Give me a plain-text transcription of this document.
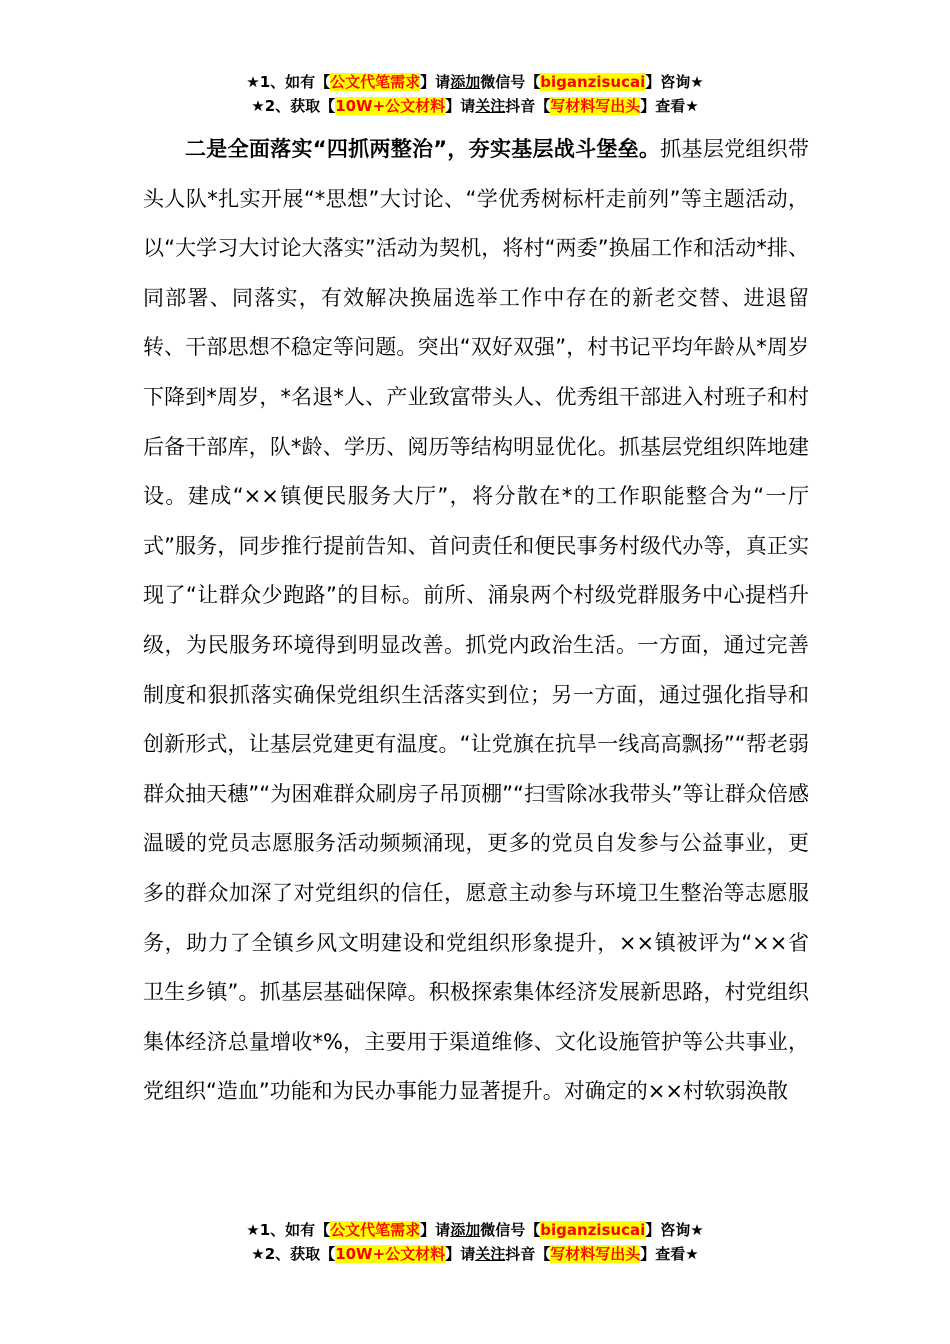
★1、如有【公文代笔需求】请添加微信号【biganzisucai】咨询★
★2、获取【10W+公文材料】请关注抖音【写材料写出头】查看★

二是全面落实“四抓两整治”，夯实基层战斗堡垒。抓基层党组织带头人队*扎实开展“*思想”大讨论、“学优秀树标杆走前列”等主题活动，以“大学习大讨论大落实”活动为契机，将村“两委”换届工作和活动*排、同部署、同落实，有效解决换届选举工作中存在的新老交替、进退留转、干部思想不稳定等问题。突出“双好双强”，村书记平均年龄从*周岁下降到*周岁，*名退*人、产业致富带头人、优秀组干部进入村班子和村后备干部库，队*龄、学历、阅历等结构明显优化。抓基层党组织阵地建设。建成“××镇便民服务大厅”，将分散在*的工作职能整合为“一厅式”服务，同步推行提前告知、首问责任和便民事务村级代办等，真正实现了“让群众少跑路”的目标。前所、涌泉两个村级党群服务中心提档升级，为民服务环境得到明显改善。抓党内政治生活。一方面，通过完善制度和狠抓落实确保党组织生活落实到位；另一方面，通过强化指导和创新形式，让基层党建更有温度。“让党旗在抗旱一线高高飘扬”“帮老弱群众抽天穗”“为困难群众刷房子吊顶棚”“扫雪除冰我带头”等让群众倍感温暖的党员志愿服务活动频频涌现，更多的党员自发参与公益事业，更多的群众加深了对党组织的信任，愿意主动参与环境卫生整治等志愿服务，助力了全镇乡风文明建设和党组织形象提升，××镇被评为“××省卫生乡镇”。抓基层基础保障。积极探索集体经济发展新思路，村党组织集体经济总量增收*%，主要用于渠道维修、文化设施管护等公共事业，党组织“造血”功能和为民办事能力显著提升。对确定的××村软弱涣散

★1、如有【公文代笔需求】请添加微信号【biganzisucai】咨询★
★2、获取【10W+公文材料】请关注抖音【写材料写出头】查看★
